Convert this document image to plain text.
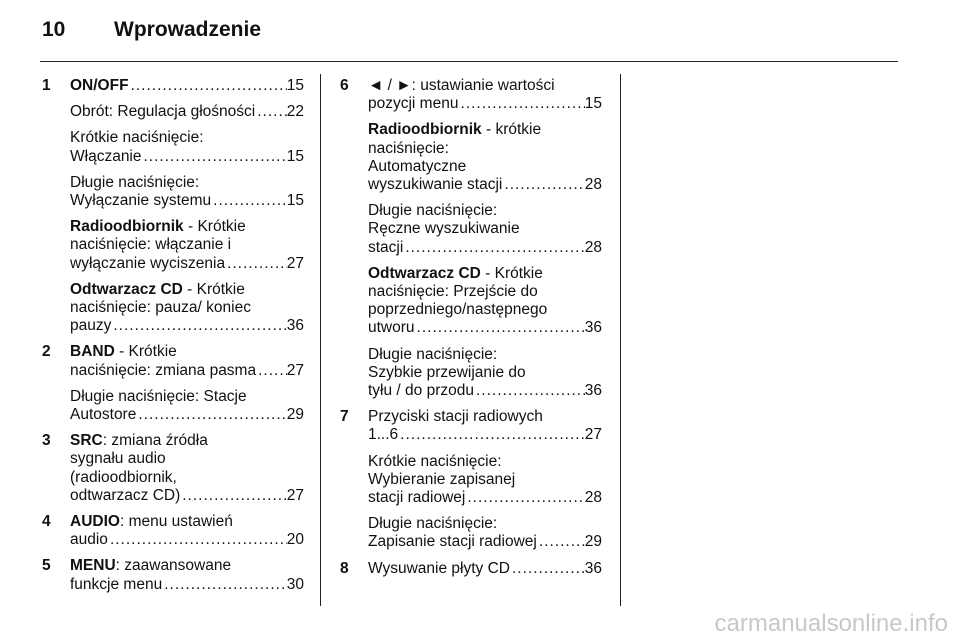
10 Wprowadzenie
1 ON/OFF .....	15
Obrót: Regulacja głośności ..... 22
Krótkie naciśnięcie:
Włączanie .....	15
Długie naciśnięcie:
Wyłączanie systemu .....	15
Radioodbiornik - Krótkie
naciśnięcie: włączanie i
wyłączanie wyciszenia .....	27
Odtwarzacz CD - Krótkie
naciśnięcie: pauza/ koniec
pauzy .....	36
2 BAND - Krótkie
naciśnięcie: zmiana pasma ..... 27
Długie naciśnięcie: Stacje
Autostore .....	29
3 SRC: zmiana źródła
sygnału audio
(radioodbiornik,
odtwarzacz CD) .....	27
4 AUDIO: menu ustawień
audio .....	20
5 MENU: zaawansowane
funkcje menu .....	30
6 ◄ / ►: ustawianie wartości
pozycji menu .....	15
Radioodbiornik - krótkie
naciśnięcie:
Automatyczne
wyszukiwanie stacji .....	28
Długie naciśnięcie:
Ręczne wyszukiwanie
stacji .....	28
Odtwarzacz CD - Krótkie
naciśnięcie: Przejście do
poprzedniego/następnego
utworu .....	36
Długie naciśnięcie:
Szybkie przewijanie do
tyłu / do przodu .....	36
7 Przyciski stacji radiowych
1...6 .....	27
Krótkie naciśnięcie:
Wybieranie zapisanej
stacji radiowej .....	28
Długie naciśnięcie:
Zapisanie stacji radiowej .....	29
8 Wysuwanie płyty CD .....	36
carmanualsonline.info
